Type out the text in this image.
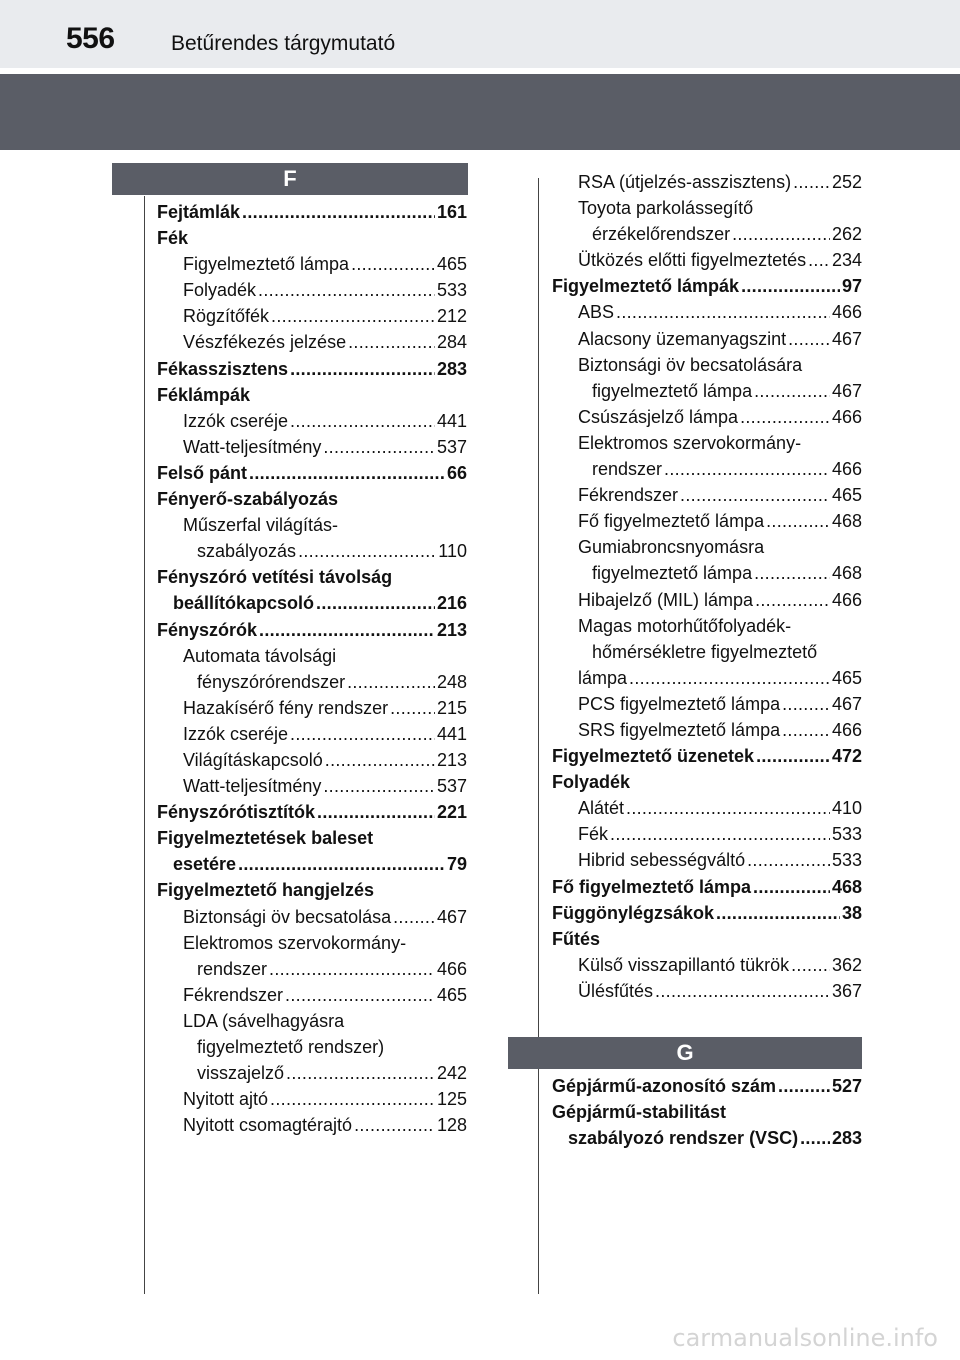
556	Betűrendes tárgymutató
F
G
Fejtámlák .....	161
Fék
Figyelmeztető lámpa .....	465
Folyadék .....	533
Rögzítőfék .....	212
Vészfékezés jelzése .....	284
Fékasszisztens .....	283
Féklámpák
Izzók cseréje .....	441
Watt-teljesítmény .....	537
Felső pánt .....	66
Fényerő-szabályozás
Műszerfal világítás-
szabályozás .....	110
Fényszóró vetítési távolság
beállítókapcsoló .....	216
Fényszórók .....	213
Automata távolsági
fényszórórendszer .....	248
Hazakísérő fény rendszer .....	215
Izzók cseréje .....	441
Világításkapcsoló .....	213
Watt-teljesítmény .....	537
Fényszórótisztítók .....	221
Figyelmeztetések baleset
esetére .....	79
Figyelmeztető hangjelzés
Biztonsági öv becsatolása .....	467
Elektromos szervokormány-
rendszer .....	466
Fékrendszer .....	465
LDA (sávelhagyásra
figyelmeztető rendszer)
visszajelző .....	242
Nyitott ajtó .....	125
Nyitott csomagtérajtó .....	128
RSA (útjelzés-asszisztens) ..... 252
Toyota parkolássegítő
érzékelőrendszer .....	262
Ütközés előtti figyelmeztetés ..... 234
Figyelmeztető lámpák .....	97
ABS .....	466
Alacsony üzemanyagszint .....	467
Biztonsági öv becsatolására
figyelmeztető lámpa .....	467
Csúszásjelző lámpa .....	466
Elektromos szervokormány-
rendszer .....	466
Fékrendszer .....	465
Fő figyelmeztető lámpa .....	468
Gumiabroncsnyomásra
figyelmeztető lámpa .....	468
Hibajelző (MIL) lámpa .....	466
Magas motorhűtőfolyadék-
hőmérsékletre figyelmeztető
lámpa .....	465
PCS figyelmeztető lámpa .....	467
SRS figyelmeztető lámpa .....	466
Figyelmeztető üzenetek .....	472
Folyadék
Alátét .....	410
Fék .....	533
Hibrid sebességváltó .....	533
Fő figyelmeztető lámpa .....	468
Függönylégzsákok .....	38
Fűtés
Külső visszapillantó tükrök ..... 362
Ülésfűtés .....	367
Gépjármű-azonosító szám .....	527
Gépjármű-stabilitást
szabályozó rendszer (VSC) ..... 283
carmanualsonline.info
